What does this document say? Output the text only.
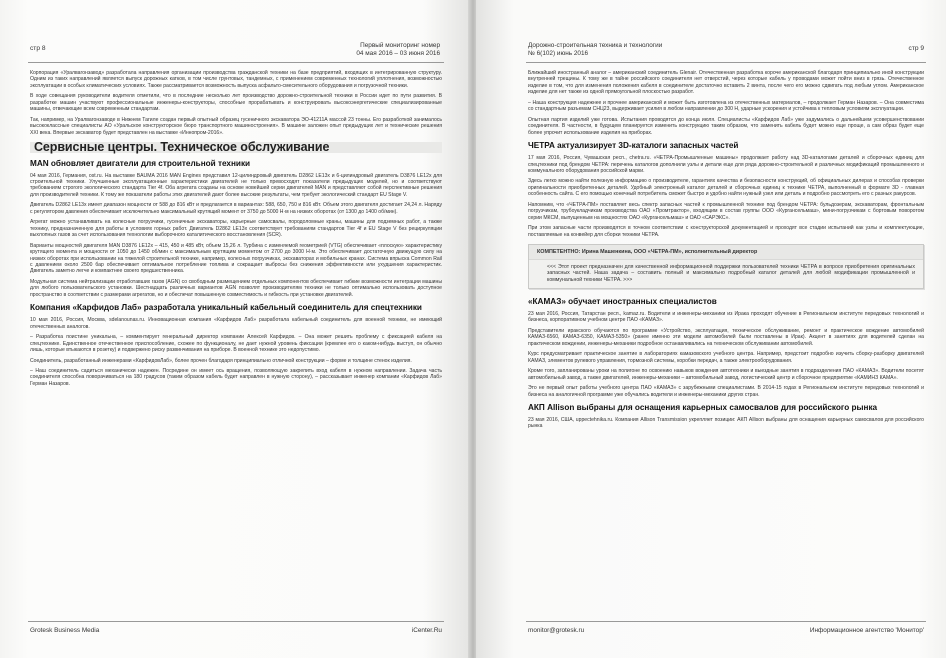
стр 8	Первый мониторинг номер
04 мая 2016 – 03 июня 2016

Корпорация «Уралвагонзавод» разработала направления организации производства гражданской техники на базе предприятий, входящих в интегрированную структуру. Одним из таких направлений является выпуск дорожных катков, в том числе грунтовых, тандемных, с применением современных технологий уплотнения, возможностью эксплуатации в особых климатических условиях. Также рассматривается возможность выпуска асфальто-смесительного оборудования и погрузочной техники.

В ходе совещания руководители водителя отметили, что в последние несколько лет производство дорожно-строительной техники в России идет по пути развития. В разработке машин участвуют профессиональные инженеры-конструкторы, способные прорабатывать и конструировать высокоэнергетические специализированные машины, отвечающие всем современным стандартам.

Так, например, на Уралвагонзаводе в Нижнем Тагиле создан первый опытный образец гусеничного экскаватора ЭО-41211А массой 23 тонны. Его разработкой занималось высококлассные специалисты АО «Уральское конструкторское бюро транспортного машиностроения». В машине заложен опыт предыдущих лет и технические решения XXI века. Впервые экскаватор будет представлен на выставке «Иннопром-2016».

Сервисные центры. Техническое обслуживание
MAN обновляет двигатели для строительной техники

04 мая 2016, Германия, ost.ru. На выставке BAUMA 2016 MAN Engines представил 12-цилиндровый двигатель D2862 LE13x и 6-цилиндровый двигатель D3876 LE12x для строительной техники. Улучшенные эксплуатационные характеристики двигателей не только превосходят показатели предыдущих моделей, но и соответствуют требованиям строгого экологического стандарта Tier 4f. Оба агрегата созданы на основе новейшей серии двигателей MAN и представляют собой перспективные решения для производителей техники. К тому же показатели работы этих двигателей дают более высокие результаты, чем требует экологический стандарт EU Stage V.

Двигатель D2862 LE13x имеет диапазон мощности от 588 до 816 кВт и предлагается в вариантах: 588, 650, 750 и 816 кВт. Объем этого двигателя достигает 24,24 л. Наряду с регулятором давления обеспечивает исключительно максимальный крутящий момент от 3750 до 5000 Н·м на низких оборотах (от 1300 до 1400 об/мин).

Агрегат можно устанавливать на колесные погрузчики, гусеничные экскаваторы, карьерные самосвалы, породоломные краны, машины для подземных работ, а также технику, предназначенную для работы в условиях горных работ. Двигатель D2862 LE13x соответствует требованиям стандартов Tier 4f и EU Stage V без рециркуляции выхлопных газов за счет использования технологии выборочного каталитического восстановления (SCR).

Варианты мощностей двигателя MAN D3876 LE12x – 415, 450 и 485 кВт, объем 15,26 л. Турбина с изменяемой геометрией (VTG) обеспечивает «плоскую» характеристику крутящего момента и мощности от 1050 до 1450 об/мин с максимальным крутящим моментом от 2700 до 3000 Н·м. Это обеспечивает достаточную движущую силу на низких оборотах при использовании на тяжелой строительной технике, например, колесных погрузчиках, экскаваторах и мобильных кранах. Система впрыска Common Rail с давлением около 2500 бар обеспечивает оптимальное потребление топлива и сокращает выбросы без снижения эффективности или ухудшения характеристик. Двигатель заметно легче и компактнее своего предшественника.

Модульная система нейтрализации отработавших газов (AGN) со свободным размещением отдельных компонентов обеспечивает гибкие возможности интеграции машины для любого пользовательского установки. Шестнадцать различных вариантов AGN позволят производителям техники не только оптимально использовать доступное пространство в соответствии с размерами агрегатов, но и обеспечат повышенную совместимость и гибкость при установке двигателей.

Компания «Карфидов Лаб» разработала уникальный кабельный соединитель для спецтехники

10 мая 2016, Россия, Москва, sdelanounas.ru. Инновационная компания «Карфидов Лаб» разработала кабельный соединитель для военной техники, не имеющий отечественных аналогов.

– Разработка поистине уникальна, – комментирует генеральный директор компании Алексей Карфидов. – Она может решить проблему с фиксацией кабеля на спецтехнике. Единственное отечественное приспособление, схожее по функционалу, не дает нужной уровень фиксации (кремлее его о каком-нибудь выступ, он обычно лишь, которые втыкаются в розетку) и подвержено риску развинчивания на приборе. В военной технике это недопустимо.

Соединитель, разработанный инженерами «КарфидовЛаб», более прочен благодаря принципиально отличной конструкции – форме и толщине стенок изделия.

– Наш соединитель садиться механически надежен. Посредине он имеет ось вращения, позволяющую закрепить вход кабеля в нужном направлении. Задача часть соединителя способна поворачиваться на 180 градусов (таким образом кабель будет направлен в нужную сторону), – рассказывает инженер компании «Карфидов Лаб» Герман Назаров.

Grotesk Business Media	iCenter.Ru
Дорожно-строительная техника и технологии
№ 6(102) июнь 2016
стр 9

Ближайший иностранный аналог – американский соединитель Glenair. Отечественная разработка короче американской благодаря принципиально иной конструкции внутренней трещины. К тому же в тайне российского соединителя нет отверстий, через которые кабель у проводами может пойти вниз в грязь. Отечественное изделие в том, что для изменения положения кабеля в соединителе достаточно вставить 2 винта, после чего его можно сдвигать под любым углом. Американское изделие для нет также из одной прямоугольной плоскостью разработ.

– Наша конструкция надежнее и прочнее американской и может быть изготовлена из отечественных материалов, – продолжает Герман Назаров. – Она совместима со стандартным разъемам СНЦ23, выдерживает усилия в любом направлении до 300 Н, ударные ускорения и устойчива к тепловым условиям эксплуатации.

Опытная партия изделий уже готова. Испытания проводятся до конца июля. Специалисты «Карфидов Лаб» уже задумались о дальнейшем усовершенствовании соединителя. В частности, в будущем планируется изменить конструкцию таким образом, что заменить кабель будет можно еще проще, а сам образ будет еще более упрочит использование изделия на приборах.

ЧЕТРА актуализирует 3D-каталоги запасных частей

17 мая 2016, Россия, Чувашская респ., chetra.ru. «ЧЕТРА-Промышленные машины» продолжает работу над 3D-каталогами деталей и сборочных единиц для спецтехники под брендом ЧЕТРА: перечень каталогов дополнили узлы и детали еще для ряда дорожно-строительной и различных модификаций промышленного и коммунального оборудования российской марки.

Здесь легко можно найти полезную информацию о производителе, гарантиях качества и безопасности конструкций, об официальных дилерах и способах проверки оригинальности приобретенных деталей. Удобный электронный каталог деталей и сборочных единиц к технике ЧЕТРА, выполненный в формате 3D - главная особенность сайта. С его помощью конечный потребитель сможет быстро и удобно найти нужный узел или деталь и подробно рассмотреть его с разных ракурсов.

Напомним, что «ЧЕТРА-ПМ» поставляет весь спектр запасных частей к промышленной технике под брендом ЧЕТРА: бульдозерам, экскаваторам, фронтальным погрузчикам, трубоукладчикам производства ОАО «Промтрактор», входящим в состав группы ООО «Кургансельмаш», мини-погрузчикам с бортовым поворотом серии МКСМ, выпущенным на мощностях ОАО «Кургансельмаш» и ОАО «САРЭКС».

При этом запасные части производятся в точном соответствии с конструкторской документацией и проходят все стадии испытаний как узлы и комплектующие, поставляемые на конвейер для сборки техники ЧЕТРА.

КОМПЕТЕНТНО: Ирина Машенкина, ООО «ЧЕТРА-ПМ», исполнительный директор
<<< Этот проект предназначен для качественной информационной поддержки пользователей техники ЧЕТРА в вопросе приобретения оригинальных запасных частей. Наша задача – составить полный и максимально подробный каталог деталей для любой модификации промышленной и коммунальной техники ЧЕТРА. >>>
«КАМАЗ» обучает иностранных специалистов

23 мая 2016, Россия, Татарстан респ., kamaz.ru. Водители и инженеры-механики из Ирака проходят обучение в Региональном институте передовых технологий и бизнеса, корпоративном учебном центре ПАО «КАМАЗ».

Представители иракского обучаются по программе «Устройство, эксплуатация, техническое обслуживание, ремонт и практическое вождение автомобилей КАМАЗ-6560, КАМАЗ-6350, КАМАЗ-5350» (ранее именно эти модели автомобилей были поставлены в Ирак). Акцент в занятиях для водителей сделан на практическом вождении, инженеры-механики подробное останавливались на техническом обслуживании автомобилей.

Курс предусматривает практическое занятие в лабораториях камазовского учебного центра. Например, предстоит подробно изучить сборку-разборку двигателей КАМАЗ, элементов рулевого управления, тормозной системы, коробки передач, а также электрооборудования.

Кроме того, запланированы уроки на полигоне по освоению навыков вождения автотехники и выездные занятия в подразделения ПАО «КАМАЗ». Водители посетят автомобильный завод, а также двигателей, инженеры-механики – автомобильный завод, логистический центр и сборочное предприятие «КАМИНЗ КАМА».

Это не первый опыт работы учебного центра ПАО «КАМАЗ» с зарубежными специалистами. В 2014-15 годах в Региональном институте передовых технологий и бизнеса на аналогичной программе уже обучались водители и инженеры-механики других стран.

АКП Allison выбраны для оснащения карьерных самосвалов для российского рынка

23 мая 2016, США, uppectehnika.ru. Компания Allison Transmission укрепляет позиции: АКП Allison выбраны для оснащения карьерных самосвалов для российского рынка

monitor@grotesk.ru	Информационное агентство 'Монитор'
